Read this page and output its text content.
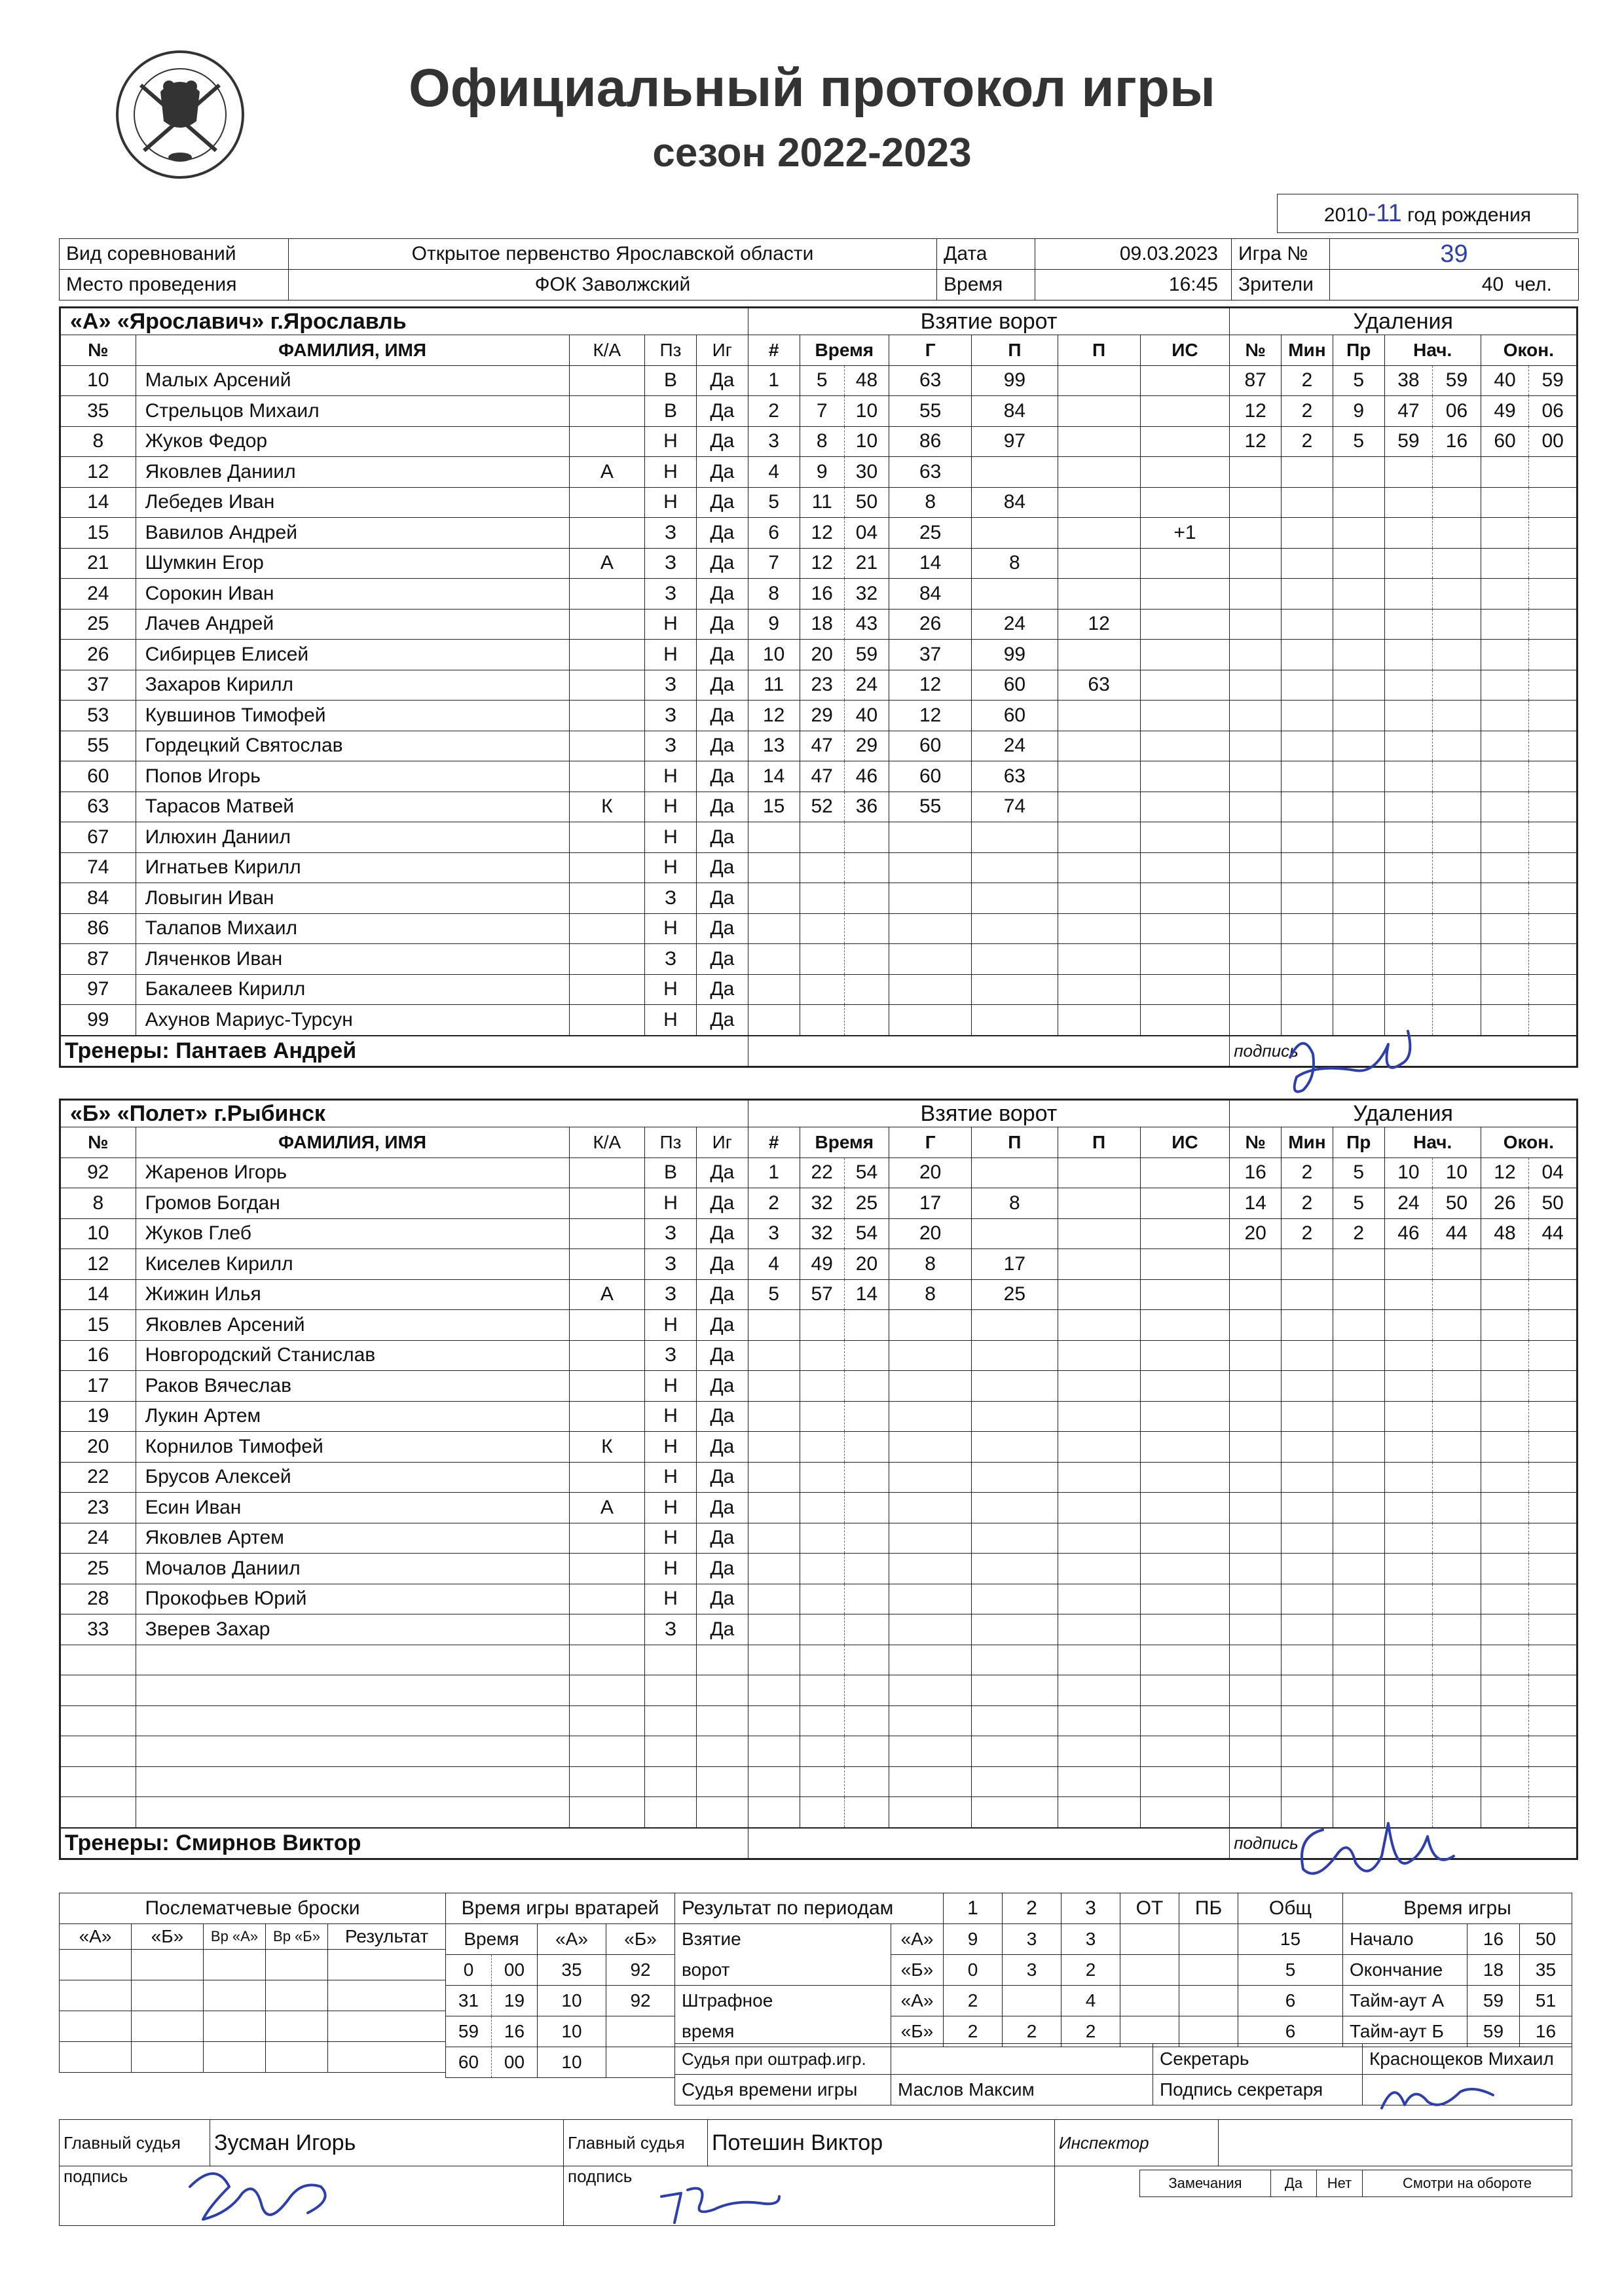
Официальный протокол игры
сезон 2022-2023
2010-11 год рождения
Вид соревнований	Открытое первенство Ярославской области	Дата	09.03.2023	Игра №	39
Место проведения	ФОК Заволжский	Время	16:45	Зрители	40 чел.
«А» «Ярославич» г.Ярославль					Взятие ворот							Удаления						
№	ФАМИЛИЯ, ИМЯ	К/А	Пз	Иг	#	Время		Г	П	П	ИС	№	Мин	Пр	Нач.		Окон.	
10	Малых Арсений		В	Да	1	5	48	63	99			87	2	5	38	59	40	59
35	Стрельцов Михаил		В	Да	2	7	10	55	84			12	2	9	47	06	49	06
8	Жуков Федор		Н	Да	3	8	10	86	97			12	2	5	59	16	60	00
12	Яковлев Даниил	А	Н	Да	4	9	30	63										
14	Лебедев Иван		Н	Да	5	11	50	8	84									
15	Вавилов Андрей		З	Да	6	12	04	25			+1							
21	Шумкин Егор	А	З	Да	7	12	21	14	8									
24	Сорокин Иван		З	Да	8	16	32	84										
25	Лачев Андрей		Н	Да	9	18	43	26	24	12								
26	Сибирцев Елисей		Н	Да	10	20	59	37	99									
37	Захаров Кирилл		З	Да	11	23	24	12	60	63								
53	Кувшинов Тимофей		З	Да	12	29	40	12	60									
55	Гордецкий Святослав		З	Да	13	47	29	60	24									
60	Попов Игорь		Н	Да	14	47	46	60	63									
63	Тарасов Матвей	К	Н	Да	15	52	36	55	74									
67	Илюхин Даниил		Н	Да														
74	Игнатьев Кирилл		Н	Да														
84	Ловыгин Иван		З	Да														
86	Талапов Михаил		Н	Да														
87	Ляченков Иван		З	Да														
97	Бакалеев Кирилл		Н	Да														
99	Ахунов Мариус-Турсун		Н	Да														
Тренеры: Пантаев Андрей												подпись						
«Б» «Полет» г.Рыбинск					Взятие ворот							Удаления						
№	ФАМИЛИЯ, ИМЯ	К/А	Пз	Иг	#	Время		Г	П	П	ИС	№	Мин	Пр	Нач.		Окон.	
92	Жаренов Игорь		В	Да	1	22	54	20				16	2	5	10	10	12	04
8	Громов Богдан		Н	Да	2	32	25	17	8			14	2	5	24	50	26	50
10	Жуков Глеб		З	Да	3	32	54	20				20	2	2	46	44	48	44
12	Киселев Кирилл		З	Да	4	49	20	8	17									
14	Жижин Илья	А	З	Да	5	57	14	8	25									
15	Яковлев Арсений		Н	Да														
16	Новгородский Станислав		З	Да														
17	Раков Вячеслав		Н	Да														
19	Лукин Артем		Н	Да														
20	Корнилов Тимофей	К	Н	Да														
22	Брусов Алексей		Н	Да														
23	Есин Иван	А	Н	Да														
24	Яковлев Артем		Н	Да														
25	Мочалов Даниил		Н	Да														
28	Прокофьев Юрий		Н	Да														
33	Зверев Захар		З	Да														

Тренеры: Смирнов Виктор												подпись						
Послематчевые броски				
«А»	«Б»	Вр «А»	Вр «Б»	Результат

Время игры вратарей			
Время		«А»	«Б»
0	00	35	92
31	19	10	92
59	16	10	
60	00	10	
Результат по периодам		1	2	3	ОТ	ПБ	Общ
Взятие	«А»	9	3	3			15
ворот	«Б»	0	3	2			5
Штрафное	«А»	2		4			6
время	«Б»	2	2	2			6
Время игры		
Начало	16	50
Окончание	18	35
Тайм-аут А	59	51
Тайм-аут Б	59	16
Судья при оштраф.игр.		Секретарь	Краснощеков Михаил
Судья времени игры	Маслов Максим	Подпись секретаря	
Главный судья	Зусман Игорь	Главный судья	Потешин Виктор
подпись		подпись	
Инспектор	
Замечания	Да	Нет	Смотри на обороте
